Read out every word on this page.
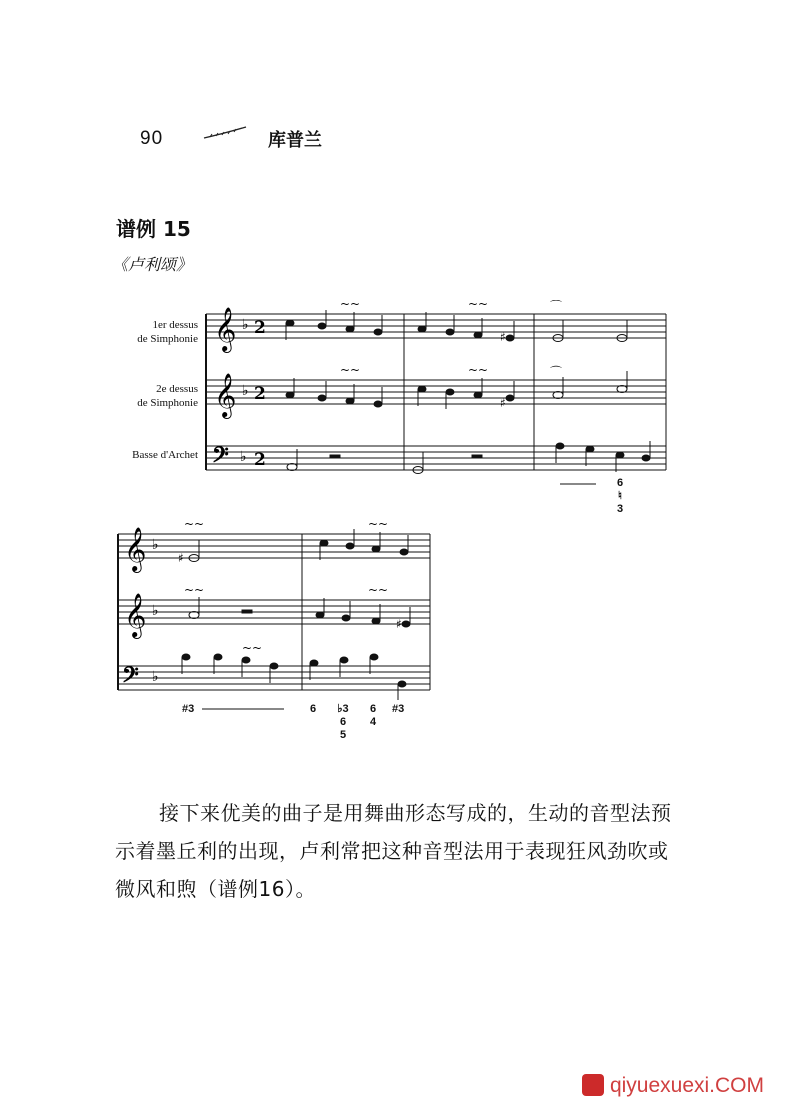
90	库普兰
谱例 15
《卢利颂》
1er dessus
de Simphonie
2e dessus
de Simphonie
Basse d'Archet
𝄞
𝄞
𝄢
♭
♭
♭
2
2
2
~~	~~
~~	~~
⌒
⌒
♯
♯
6
♮
3
𝄞
𝄞
𝄢
♭
♭
♭
~~	~~
~~	~~
~~
♯
♯
#3	6	♭3
6
5
6
4
#3
接下来优美的曲子是用舞曲形态写成的，生动的音型法预示着墨丘利的出现，卢利常把这种音型法用于表现狂风劲吹或微风和煦（谱例16）。
qiyuexuexi.COM
